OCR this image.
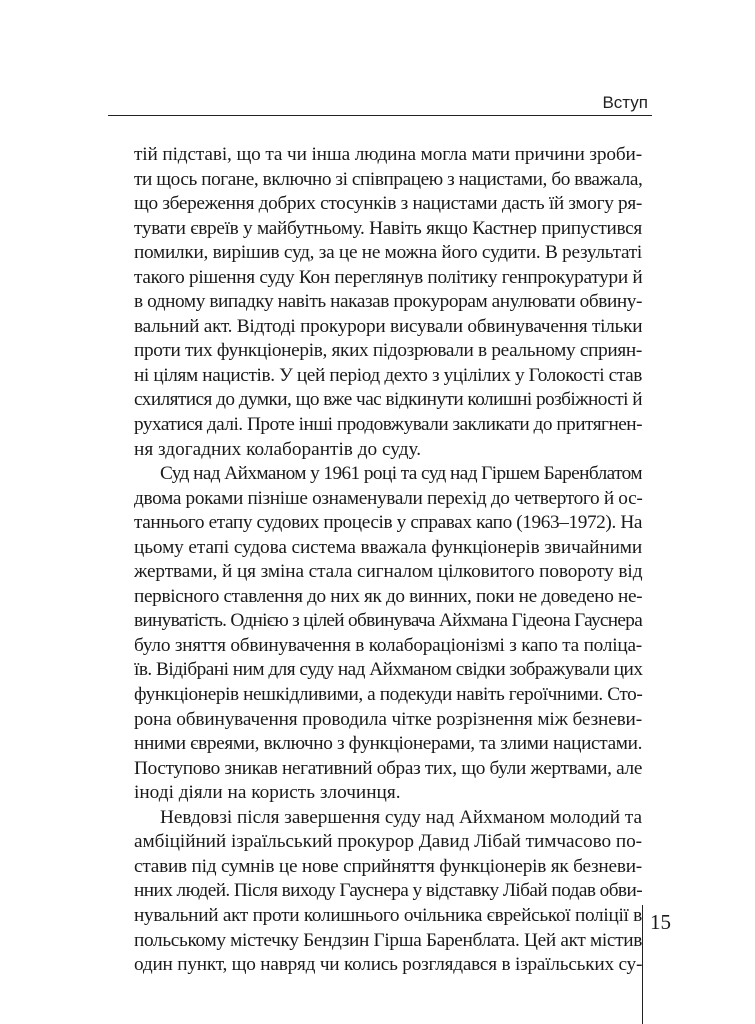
Вступ
тій підставі, що та чи інша людина могла мати причини зроби-
ти щось погане, включно зі співпрацею з нацистами, бо вважала,
що збереження добрих стосунків з нацистами дасть їй змогу ря-
тувати євреїв у майбутньому. Навіть якщо Кастнер припустився
помилки, вирішив суд, за це не можна його судити. В результаті
такого рішення суду Кон переглянув політику генпрокуратури й
в одному випадку навіть наказав прокурорам анулювати обвину-
вальний акт. Відтоді прокурори висували обвинувачення тільки
проти тих функціонерів, яких підозрювали в реальному сприян-
ні цілям нацистів. У цей період дехто з уцілілих у Голокості став
схилятися до думки, що вже час відкинути колишні розбіжності й
рухатися далі. Проте інші продовжували закликати до притягнен-
ня здогадних колаборантів до суду.
Суд над Айхманом у 1961 році та суд над Гіршем Баренблатом
двома роками пізніше ознаменували перехід до четвертого й ос-
таннього етапу судових процесів у справах капо (1963–1972). На
цьому етапі судова система вважала функціонерів звичайними
жертвами, й ця зміна стала сигналом цілковитого повороту від
первісного ставлення до них як до винних, поки не доведено не-
винуватість. Однією з цілей обвинувача Айхмана Гідеона Гауснера
було зняття обвинувачення в колабораціонізмі з капо та поліца-
їв. Відібрані ним для суду над Айхманом свідки зображували цих
функціонерів нешкідливими, а подекуди навіть героїчними. Сто-
рона обвинувачення проводила чітке розрізнення між безневи-
нними євреями, включно з функціонерами, та злими нацистами.
Поступово зникав негативний образ тих, що були жертвами, але
іноді діяли на користь злочинця.
Невдовзі після завершення суду над Айхманом молодий та
амбіційний ізраїльський прокурор Давид Лібай тимчасово по-
ставив під сумнів це нове сприйняття функціонерів як безневи-
нних людей. Після виходу Гауснера у відставку Лібай подав обви-
нувальний акт проти колишнього очільника єврейської поліції в
польському містечку Бендзин Гірша Баренблата. Цей акт містив
один пункт, що навряд чи колись розглядався в ізраїльських су-
15
